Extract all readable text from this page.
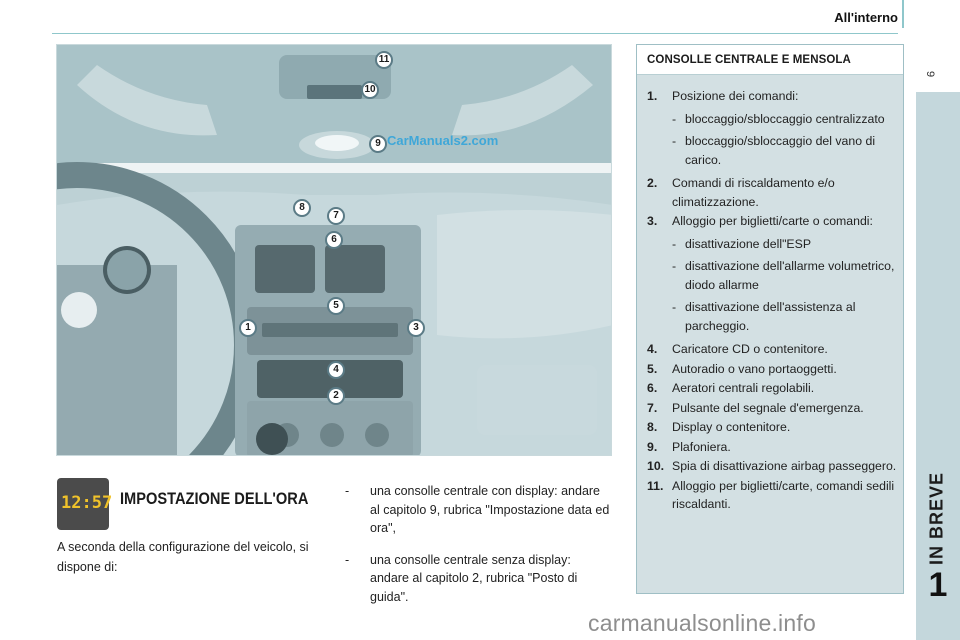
All'interno
9
IN BREVE
1
CarManuals2.com
11
10
9
8
7
6
5
1	3
4
2
12:57 IMPOSTAZIONE DELL'ORA
A seconda della configurazione del veicolo, si dispone di:
- una consolle centrale con display: andare al capitolo 9, rubrica "Impostazione data ed ora",
- una consolle centrale senza display: andare al capitolo 2, rubrica "Posto di guida".
CONSOLLE CENTRALE E MENSOLA
1. Posizione dei comandi:
- bloccaggio/sbloccaggio centralizzato
- bloccaggio/sbloccaggio del vano di carico.
2. Comandi di riscaldamento e/o climatizzazione.
3. Alloggio per biglietti/carte o comandi:
- disattivazione dell"ESP
- disattivazione dell'allarme volumetrico, diodo allarme
- disattivazione dell'assistenza al parcheggio.
4. Caricatore CD o contenitore.
5. Autoradio o vano portaoggetti.
6. Aeratori centrali regolabili.
7. Pulsante del segnale d'emergenza.
8. Display o contenitore.
9. Plafoniera.
10. Spia di disattivazione airbag passeggero.
11. Alloggio per biglietti/carte, comandi sedili riscaldanti.
carmanualsonline.info
